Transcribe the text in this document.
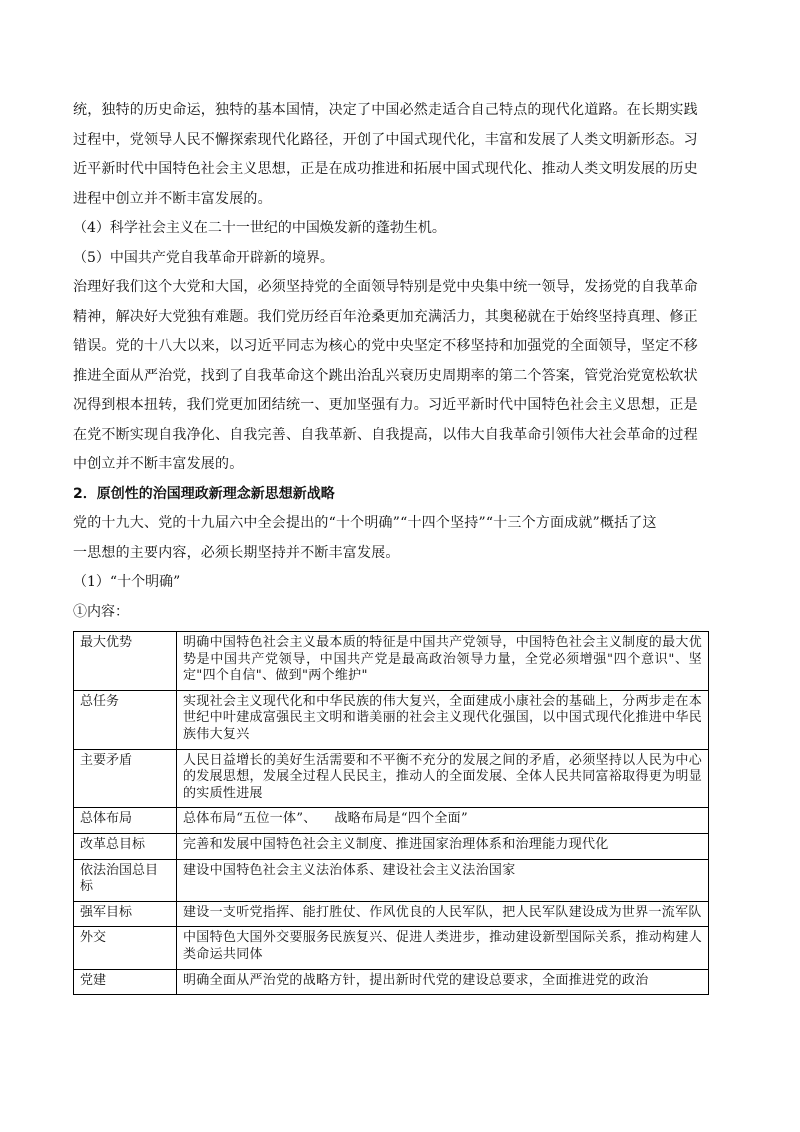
统，独特的历史命运，独特的基本国情，决定了中国必然走适合自己特点的现代化道路。在长期实践

过程中，党领导人民不懈探索现代化路径，开创了中国式现代化，丰富和发展了人类文明新形态。习

近平新时代中国特色社会主义思想，正是在成功推进和拓展中国式现代化、推动人类文明发展的历史

进程中创立并不断丰富发展的。

（4）科学社会主义在二十一世纪的中国焕发新的蓬勃生机。

（5）中国共产党自我革命开辟新的境界。

治理好我们这个大党和大国，必须坚持党的全面领导特别是党中央集中统一领导，发扬党的自我革命

精神，解决好大党独有难题。我们党历经百年沧桑更加充满活力，其奥秘就在于始终坚持真理、修正

错误。党的十八大以来，以习近平同志为核心的党中央坚定不移坚持和加强党的全面领导，坚定不移

推进全面从严治党，找到了自我革命这个跳出治乱兴衰历史周期率的第二个答案，管党治党宽松软状

况得到根本扭转，我们党更加团结统一、更加坚强有力。习近平新时代中国特色社会主义思想，正是

在党不断实现自我净化、自我完善、自我革新、自我提高，以伟大自我革命引领伟大社会革命的过程

中创立并不断丰富发展的。

2．原创性的治国理政新理念新思想新战略

党的十九大、党的十九届六中全会提出的“十个明确”“十四个坚持”“十三个方面成就”概括了这

一思想的主要内容，必须长期坚持并不断丰富发展。

（1）“十个明确”

①内容：

最大优势	明确中国特色社会主义最本质的特征是中国共产党领导，中国特色社会主义制度的最大优势是中国共产党领导，中国共产党是最高政治领导力量，全党必须增强"四个意识"、坚定"四个自信"、做到"两个维护"
总任务	实现社会主义现代化和中华民族的伟大复兴，全面建成小康社会的基础上，分两步走在本世纪中叶建成富强民主文明和谐美丽的社会主义现代化强国，以中国式现代化推进中华民族伟大复兴
主要矛盾	人民日益增长的美好生活需要和不平衡不充分的发展之间的矛盾，必须坚持以人民为中心的发展思想，发展全过程人民民主，推动人的全面发展、全体人民共同富裕取得更为明显的实质性进展
总体布局	总体布局“五位一体”、    战略布局是“四个全面”
改革总目标	完善和发展中国特色社会主义制度、推进国家治理体系和治理能力现代化
依法治国总目标	建设中国特色社会主义法治体系、建设社会主义法治国家
强军目标	建设一支听党指挥、能打胜仗、作风优良的人民军队，把人民军队建设成为世界一流军队
外交	中国特色大国外交要服务民族复兴、促进人类进步，推动建设新型国际关系，推动构建人类命运共同体
党建	明确全面从严治党的战略方针，提出新时代党的建设总要求，全面推进党的政治
